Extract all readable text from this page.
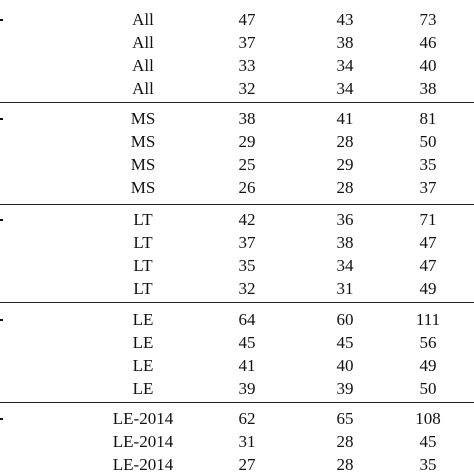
All	47	43	73
All	37	38	46
All	33	34	40
All	32	34	38
MS	38	41	81
MS	29	28	50
MS	25	29	35
MS	26	28	37
LT	42	36	71
LT	37	38	47
LT	35	34	47
LT	32	31	49
LE	64	60	111
LE	45	45	56
LE	41	40	49
LE	39	39	50
LE-2014	62	65	108
LE-2014	31	28	45
LE-2014	27	28	35
